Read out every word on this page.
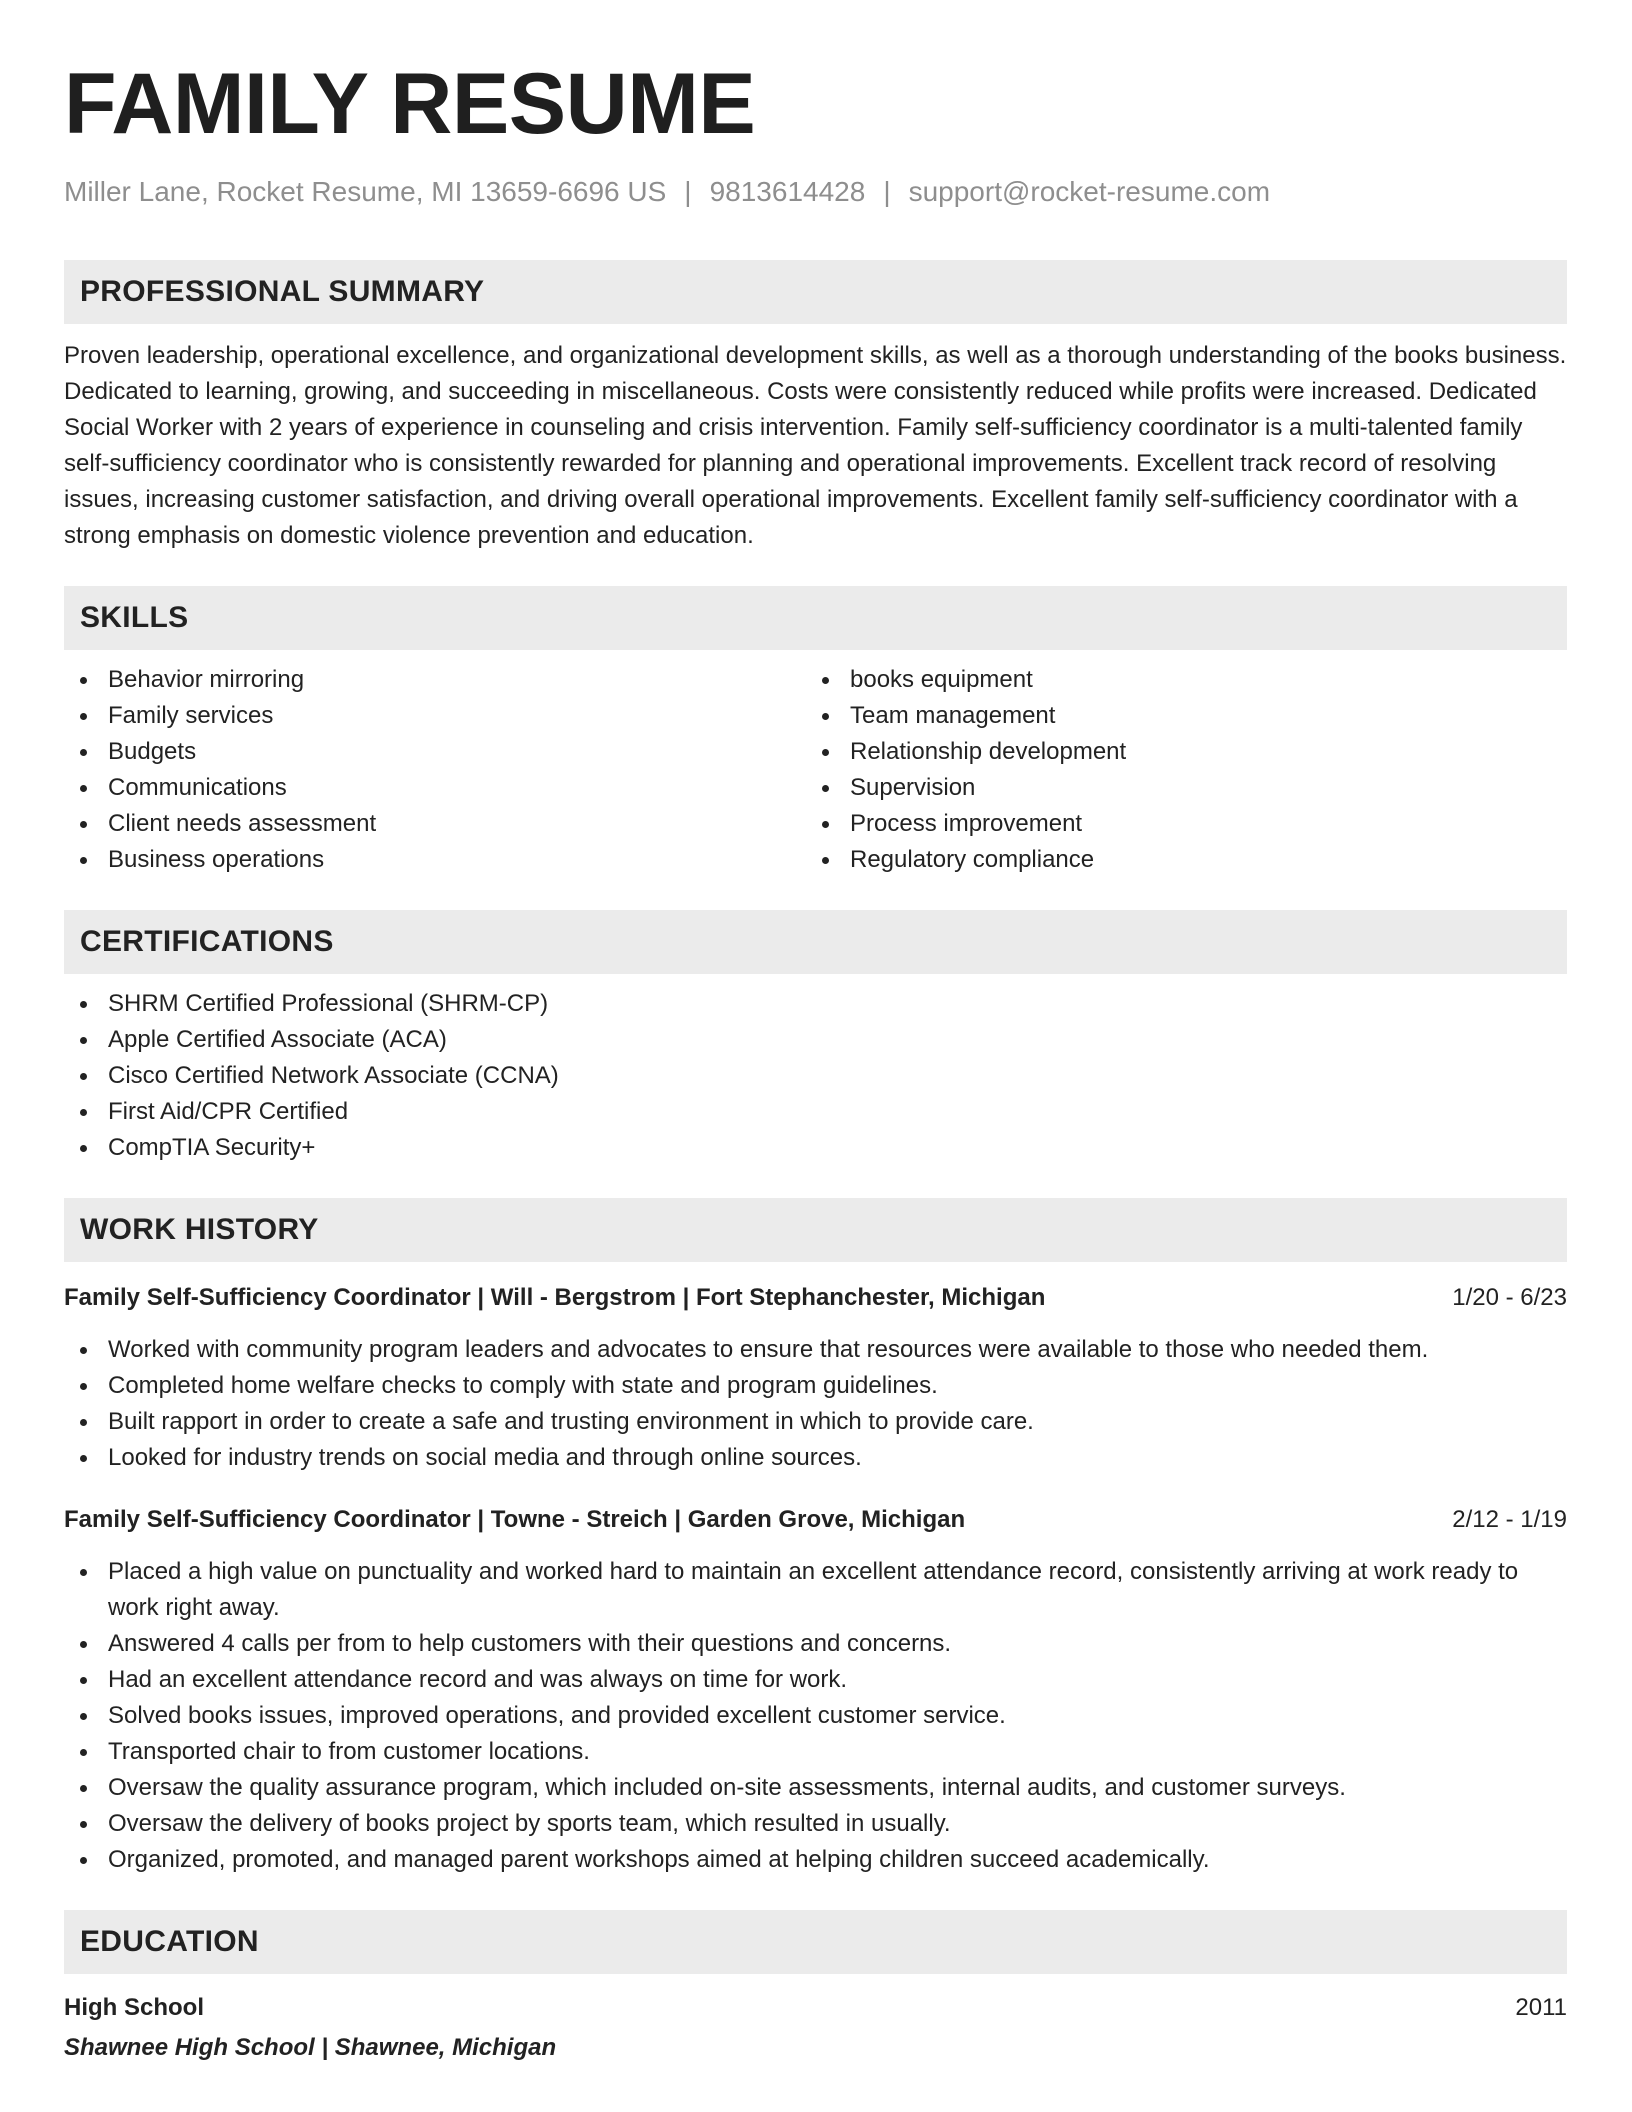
FAMILY RESUME
Miller Lane, Rocket Resume, MI 13659-6696 US | 9813614428 | support@rocket-resume.com
PROFESSIONAL SUMMARY
Proven leadership, operational excellence, and organizational development skills, as well as a thorough understanding of the books business. Dedicated to learning, growing, and succeeding in miscellaneous. Costs were consistently reduced while profits were increased. Dedicated Social Worker with 2 years of experience in counseling and crisis intervention. Family self-sufficiency coordinator is a multi-talented family self-sufficiency coordinator who is consistently rewarded for planning and operational improvements. Excellent track record of resolving issues, increasing customer satisfaction, and driving overall operational improvements. Excellent family self-sufficiency coordinator with a strong emphasis on domestic violence prevention and education.
SKILLS
Behavior mirroring
Family services
Budgets
Communications
Client needs assessment
Business operations
books equipment
Team management
Relationship development
Supervision
Process improvement
Regulatory compliance
CERTIFICATIONS
SHRM Certified Professional (SHRM-CP)
Apple Certified Associate (ACA)
Cisco Certified Network Associate (CCNA)
First Aid/CPR Certified
CompTIA Security+
WORK HISTORY
Family Self-Sufficiency Coordinator | Will - Bergstrom | Fort Stephanchester, Michigan	1/20 - 6/23
Worked with community program leaders and advocates to ensure that resources were available to those who needed them.
Completed home welfare checks to comply with state and program guidelines.
Built rapport in order to create a safe and trusting environment in which to provide care.
Looked for industry trends on social media and through online sources.
Family Self-Sufficiency Coordinator | Towne - Streich | Garden Grove, Michigan	2/12 - 1/19
Placed a high value on punctuality and worked hard to maintain an excellent attendance record, consistently arriving at work ready to work right away.
Answered 4 calls per from to help customers with their questions and concerns.
Had an excellent attendance record and was always on time for work.
Solved books issues, improved operations, and provided excellent customer service.
Transported chair to from customer locations.
Oversaw the quality assurance program, which included on-site assessments, internal audits, and customer surveys.
Oversaw the delivery of books project by sports team, which resulted in usually.
Organized, promoted, and managed parent workshops aimed at helping children succeed academically.
EDUCATION
High School	2011
Shawnee High School | Shawnee, Michigan
